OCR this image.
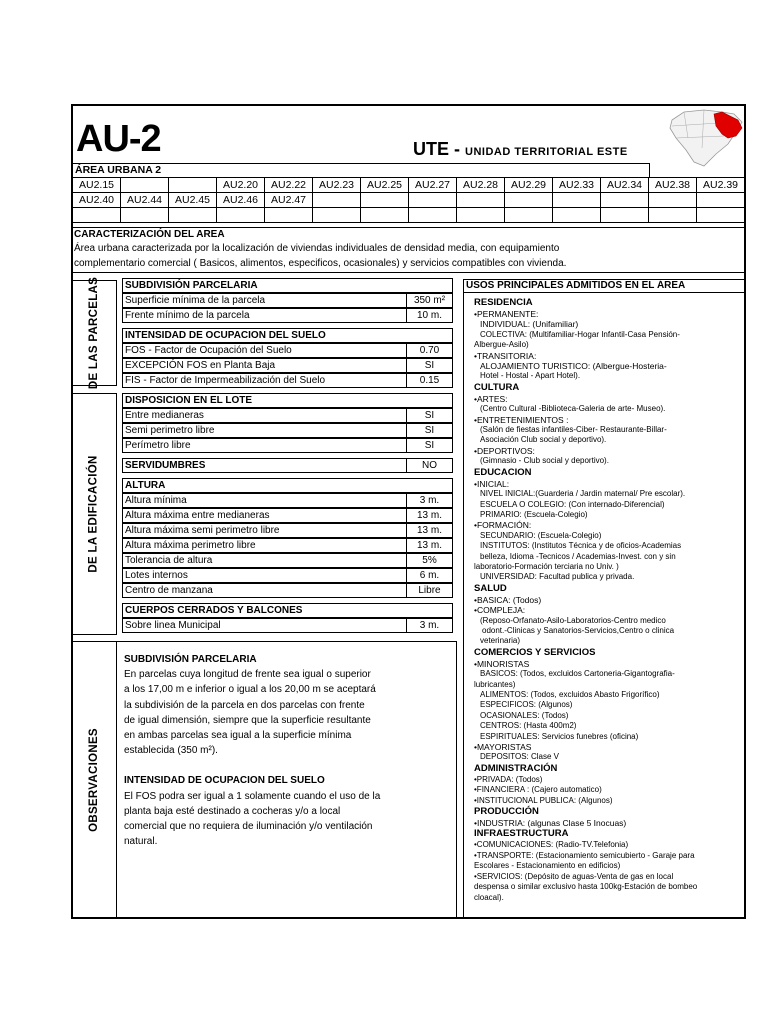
AU-2	UTE - UNIDAD TERRITORIAL ESTE
ÁREA URBANA 2
AU2.15			AU2.20	AU2.22	AU2.23	AU2.25	AU2.27	AU2.28	AU2.29	AU2.33	AU2.34	AU2.38	AU2.39
AU2.40	AU2.44	AU2.45	AU2.46	AU2.47									

CARACTERIZACIÓN DEL AREA
Área urbana caracterizada por la localización de viviendas individuales de densidad media, con equipamiento
complementario comercial ( Basicos, alimentos, especificos, ocasionales) y servicios compatibles con vivienda.
DE LAS PARCELAS
DE LA EDIFICACIÓN
OBSERVACIONES
SUBDIVISIÓN PARCELARIA
Superficie mínima de la parcela	350 m²
Frente mínimo de la parcela	10 m.
INTENSIDAD DE OCUPACION DEL SUELO
FOS - Factor de Ocupación del Suelo	0.70
EXCEPCIÓN FOS en Planta Baja	SI
FIS - Factor de Impermeabilización del Suelo	0.15
DISPOSICION EN EL LOTE
Entre medianeras	SI
Semi perimetro libre	SI
Perímetro libre	SI
ALTURA
Altura mínima	3 m.
Altura máxima entre medianeras	13 m.
Altura máxima semi perimetro libre	13 m.
Altura máxima perimetro libre	13 m.
Tolerancia de altura	5%
Lotes internos	6 m.
Centro de manzana	Libre
CUERPOS CERRADOS Y BALCONES
Sobre linea Municipal	3 m.
SERVIDUMBRES	NO
SUBDIVISIÓN PARCELARIA
En parcelas cuya longitud de frente sea igual o superior
a los 17,00 m e inferior o igual a los 20,00 m se aceptará
la subdivisión de la parcela en dos parcelas con frente
de igual dimensión, siempre que la superficie resultante
en ambas parcelas sea igual a la superficie mínima
establecida (350 m²).
INTENSIDAD DE OCUPACION DEL SUELO
El FOS podra ser igual a 1 solamente cuando el uso de la
planta baja esté destinado a cocheras y/o a local
comercial que no requiera de iluminación y/o ventilación
natural.
USOS PRINCIPALES ADMITIDOS EN EL ÁREA
RESIDENCIA
•PERMANENTE:
INDIVIDUAL: (Unifamiliar)
COLECTIVA: (Multifamiliar-Hogar Infantil-Casa Pensión-
Albergue-Asilo)
•TRANSITORIA:
ALOJAMIENTO TURISTICO: (Albergue-Hosteria-
Hotel - Hostal - Apart Hotel).
CULTURA
•ARTES:
(Centro Cultural -Biblioteca-Galeria de arte- Museo).
•ENTRETENIMIENTOS :
(Salón de fiestas infantiles-Ciber- Restaurante-Billar-
Asociación Club social y deportivo).
•DEPORTIVOS:
(Gimnasio - Club social y deportivo).
EDUCACION
•INICIAL:
NIVEL INICIAL:(Guarderia / Jardin maternal/ Pre escolar).
ESCUELA O COLEGIO: (Con internado-Diferencial)
PRIMARIO: (Escuela-Colegio)
•FORMACIÓN:
SECUNDARIO: (Escuela-Colegio)
INSTITUTOS: (Institutos Técnica y de oficios-Academias
belleza, Idioma -Tecnicos / Academias-Invest. con y sin
laboratorio-Formación terciaria no Univ. )
UNIVERSIDAD: Facultad publica y privada.
SALUD
•BASICA: (Todos)
•COMPLEJA:
(Reposo-Orfanato-Asilo-Laboratorios-Centro medico
odont.-Clinicas y Sanatorios-Servicios,Centro o clinica
veterinaria)
COMERCIOS Y SERVICIOS
•MINORISTAS
BASICOS: (Todos, excluidos Cartoneria-Gigantografia-
lubricantes)
ALIMENTOS: (Todos, excluidos Abasto Frigorífico)
ESPECIFICOS: (Algunos)
OCASIONALES: (Todos)
CENTROS: (Hasta 400m2)
ESPIRITUALES: Servicios funebres (oficina)
•MAYORISTAS
DEPOSITOS: Clase V
ADMINISTRACIÓN
•PRIVADA: (Todos)
•FINANCIERA : (Cajero automatico)
•INSTITUCIONAL PUBLICA: (Algunos)
PRODUCCIÓN
•INDUSTRIA: (algunas Clase 5 Inocuas)
INFRAESTRUCTURA
•COMUNICACIONES: (Radio-TV.Telefonia)
•TRANSPORTE: (Estacionamiento semicubierto - Garaje para
Escolares - Estacionamiento en edificios)
•SERVICIOS: (Depósito de aguas-Venta de gas en local
despensa o similar exclusivo hasta 100kg-Estación de bombeo
cloacal).
